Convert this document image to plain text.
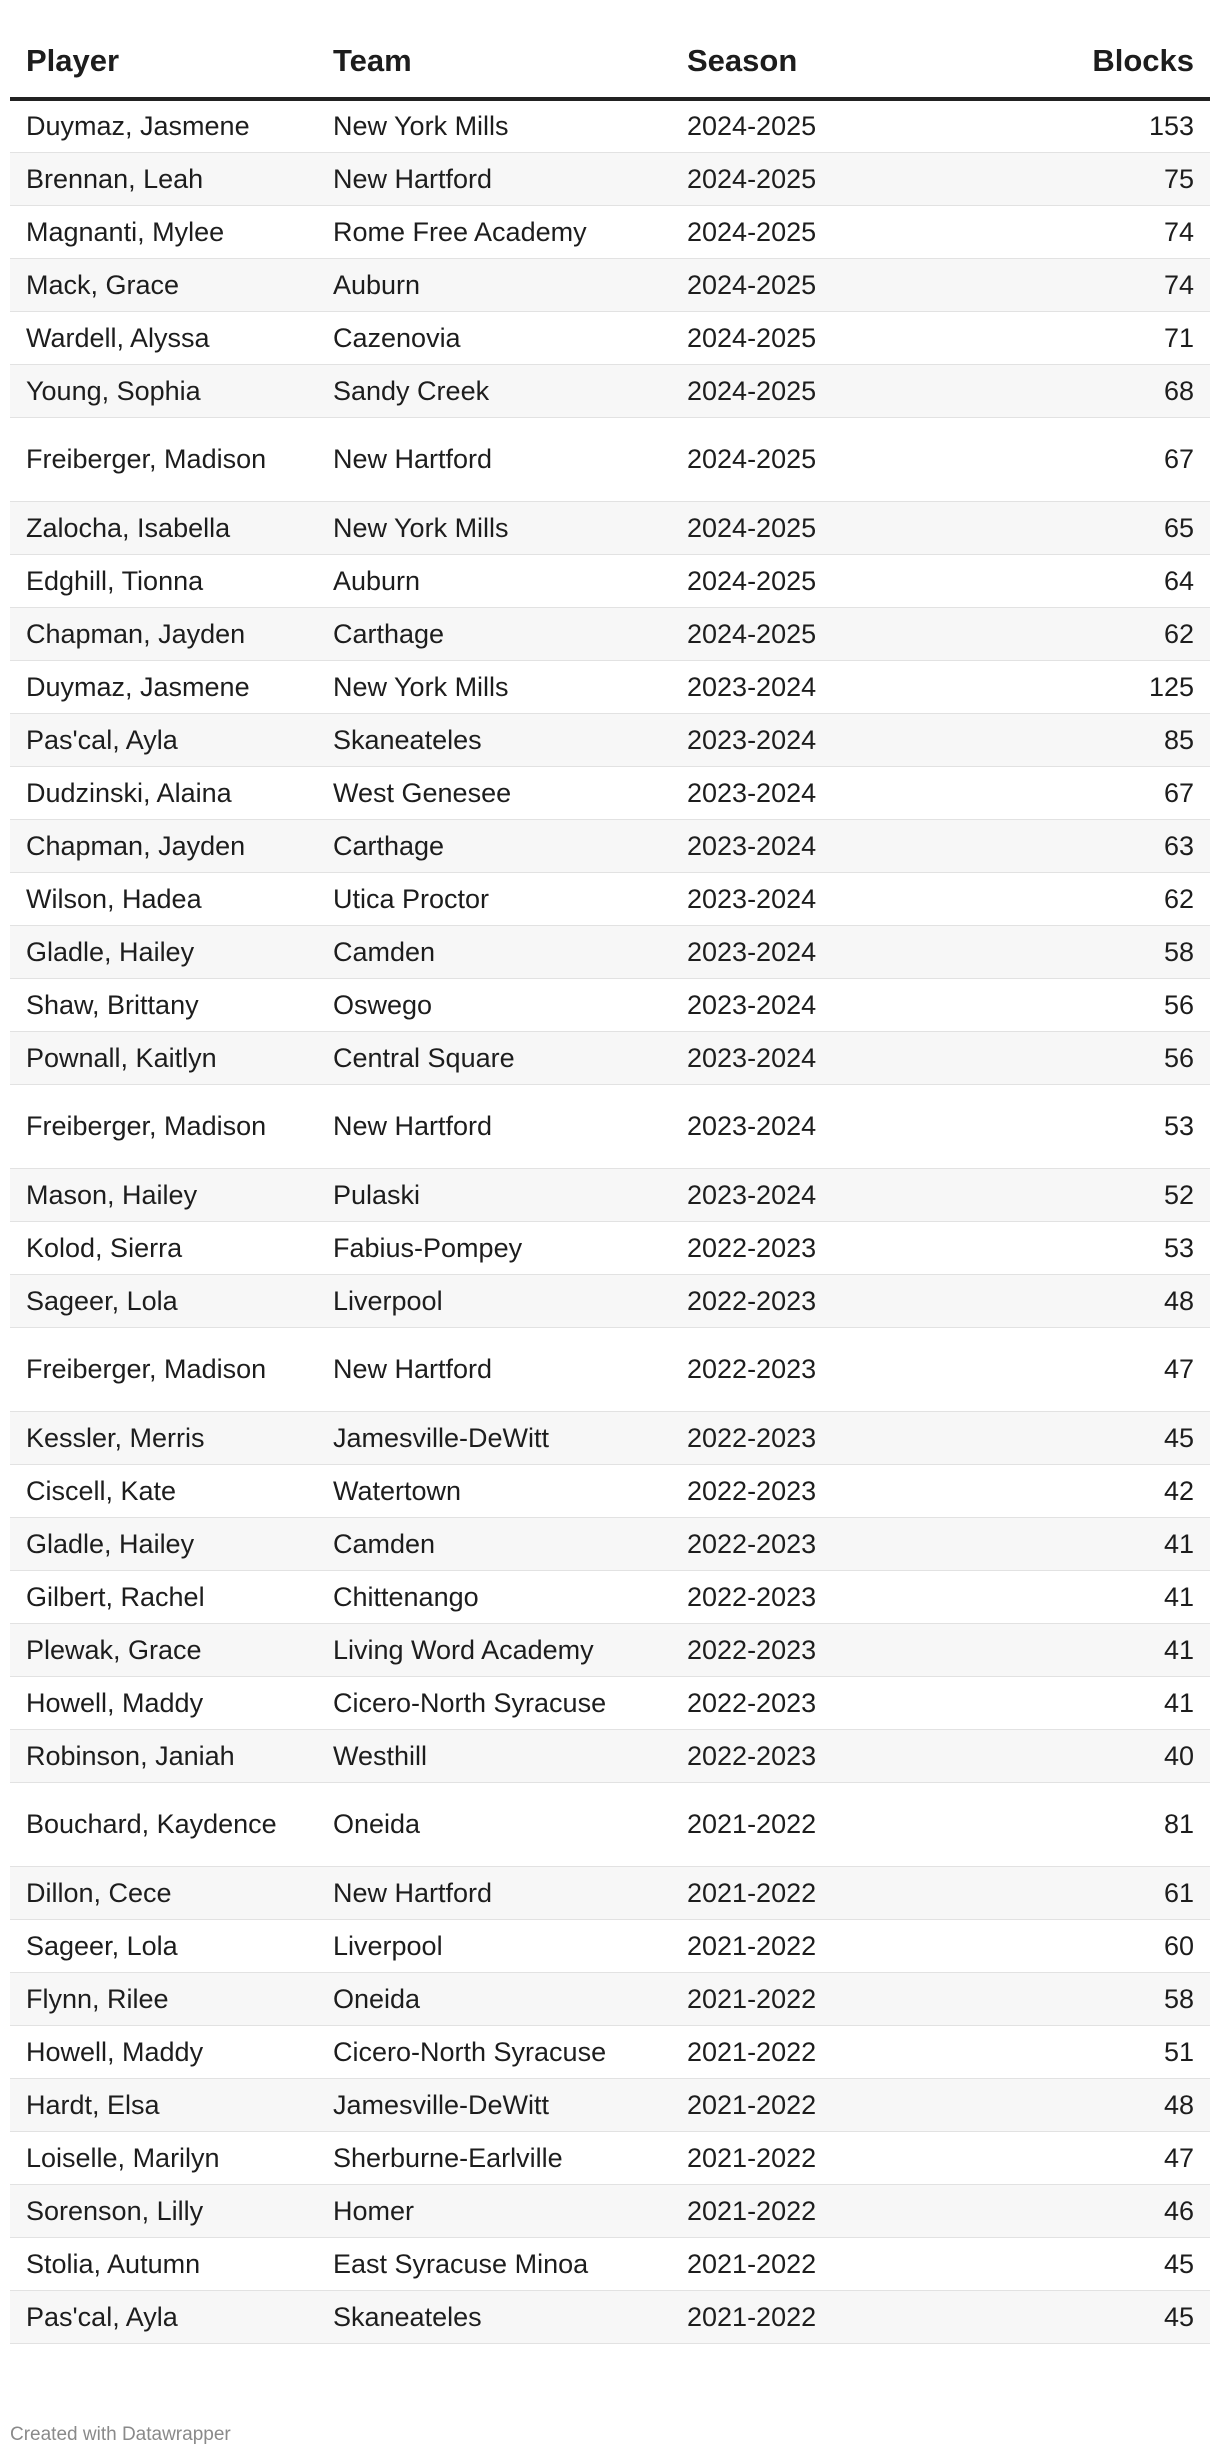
Player	Team	Season	Blocks
Duymaz, Jasmene	New York Mills	2024-2025	153
Brennan, Leah	New Hartford	2024-2025	75
Magnanti, Mylee	Rome Free Academy	2024-2025	74
Mack, Grace	Auburn	2024-2025	74
Wardell, Alyssa	Cazenovia	2024-2025	71
Young, Sophia	Sandy Creek	2024-2025	68
Freiberger, Madison	New Hartford	2024-2025	67
Zalocha, Isabella	New York Mills	2024-2025	65
Edghill, Tionna	Auburn	2024-2025	64
Chapman, Jayden	Carthage	2024-2025	62
Duymaz, Jasmene	New York Mills	2023-2024	125
Pas'cal, Ayla	Skaneateles	2023-2024	85
Dudzinski, Alaina	West Genesee	2023-2024	67
Chapman, Jayden	Carthage	2023-2024	63
Wilson, Hadea	Utica Proctor	2023-2024	62
Gladle, Hailey	Camden	2023-2024	58
Shaw, Brittany	Oswego	2023-2024	56
Pownall, Kaitlyn	Central Square	2023-2024	56
Freiberger, Madison	New Hartford	2023-2024	53
Mason, Hailey	Pulaski	2023-2024	52
Kolod, Sierra	Fabius-Pompey	2022-2023	53
Sageer, Lola	Liverpool	2022-2023	48
Freiberger, Madison	New Hartford	2022-2023	47
Kessler, Merris	Jamesville-DeWitt	2022-2023	45
Ciscell, Kate	Watertown	2022-2023	42
Gladle, Hailey	Camden	2022-2023	41
Gilbert, Rachel	Chittenango	2022-2023	41
Plewak, Grace	Living Word Academy	2022-2023	41
Howell, Maddy	Cicero-North Syracuse	2022-2023	41
Robinson, Janiah	Westhill	2022-2023	40
Bouchard, Kaydence	Oneida	2021-2022	81
Dillon, Cece	New Hartford	2021-2022	61
Sageer, Lola	Liverpool	2021-2022	60
Flynn, Rilee	Oneida	2021-2022	58
Howell, Maddy	Cicero-North Syracuse	2021-2022	51
Hardt, Elsa	Jamesville-DeWitt	2021-2022	48
Loiselle, Marilyn	Sherburne-Earlville	2021-2022	47
Sorenson, Lilly	Homer	2021-2022	46
Stolia, Autumn	East Syracuse Minoa	2021-2022	45
Pas'cal, Ayla	Skaneateles	2021-2022	45
Created with Datawrapper
